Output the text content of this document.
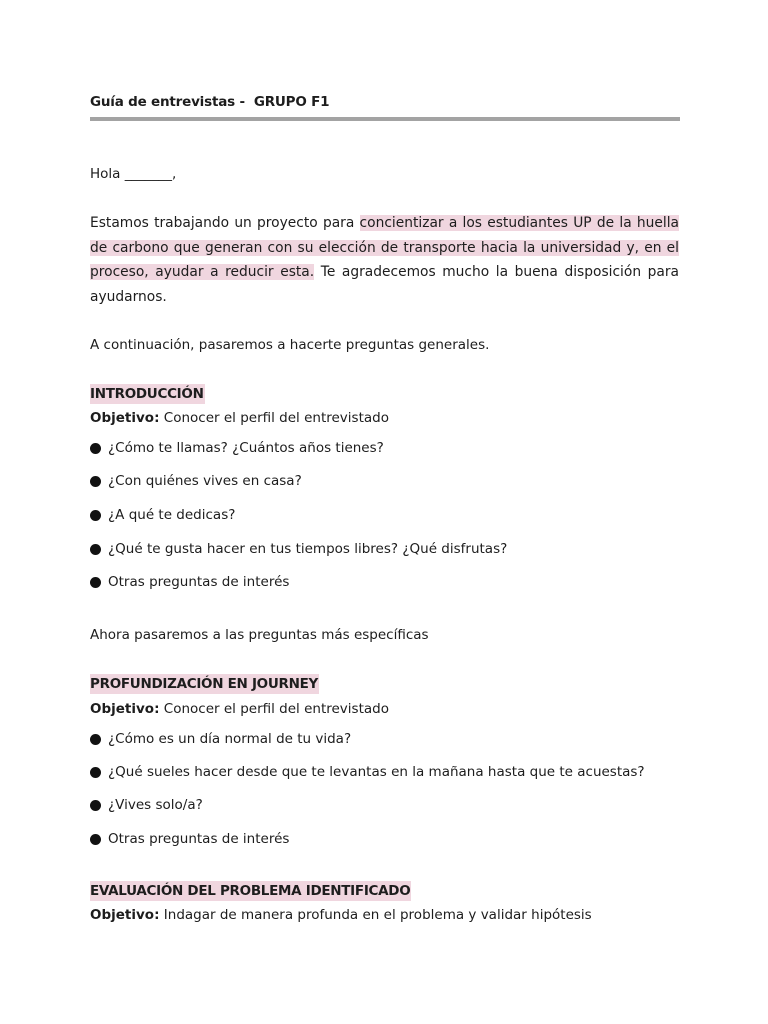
Guía de entrevistas -  GRUPO F1
Hola _______,
Estamos trabajando un proyecto para concientizar a los estudiantes UP de la huella de carbono que generan con su elección de transporte hacia la universidad y, en el proceso, ayudar a reducir esta. Te agradecemos mucho la buena disposición para ayudarnos.
A continuación, pasaremos a hacerte preguntas generales.
INTRODUCCIÓN
Objetivo: Conocer el perfil del entrevistado
¿Cómo te llamas? ¿Cuántos años tienes?
¿Con quiénes vives en casa?
¿A qué te dedicas?
¿Qué te gusta hacer en tus tiempos libres? ¿Qué disfrutas?
Otras preguntas de interés
Ahora pasaremos a las preguntas más específicas
PROFUNDIZACIÓN EN JOURNEY
Objetivo: Conocer el perfil del entrevistado
¿Cómo es un día normal de tu vida?
¿Qué sueles hacer desde que te levantas en la mañana hasta que te acuestas?
¿Vives solo/a?
Otras preguntas de interés
EVALUACIÓN DEL PROBLEMA IDENTIFICADO
Objetivo: Indagar de manera profunda en el problema y validar hipótesis
